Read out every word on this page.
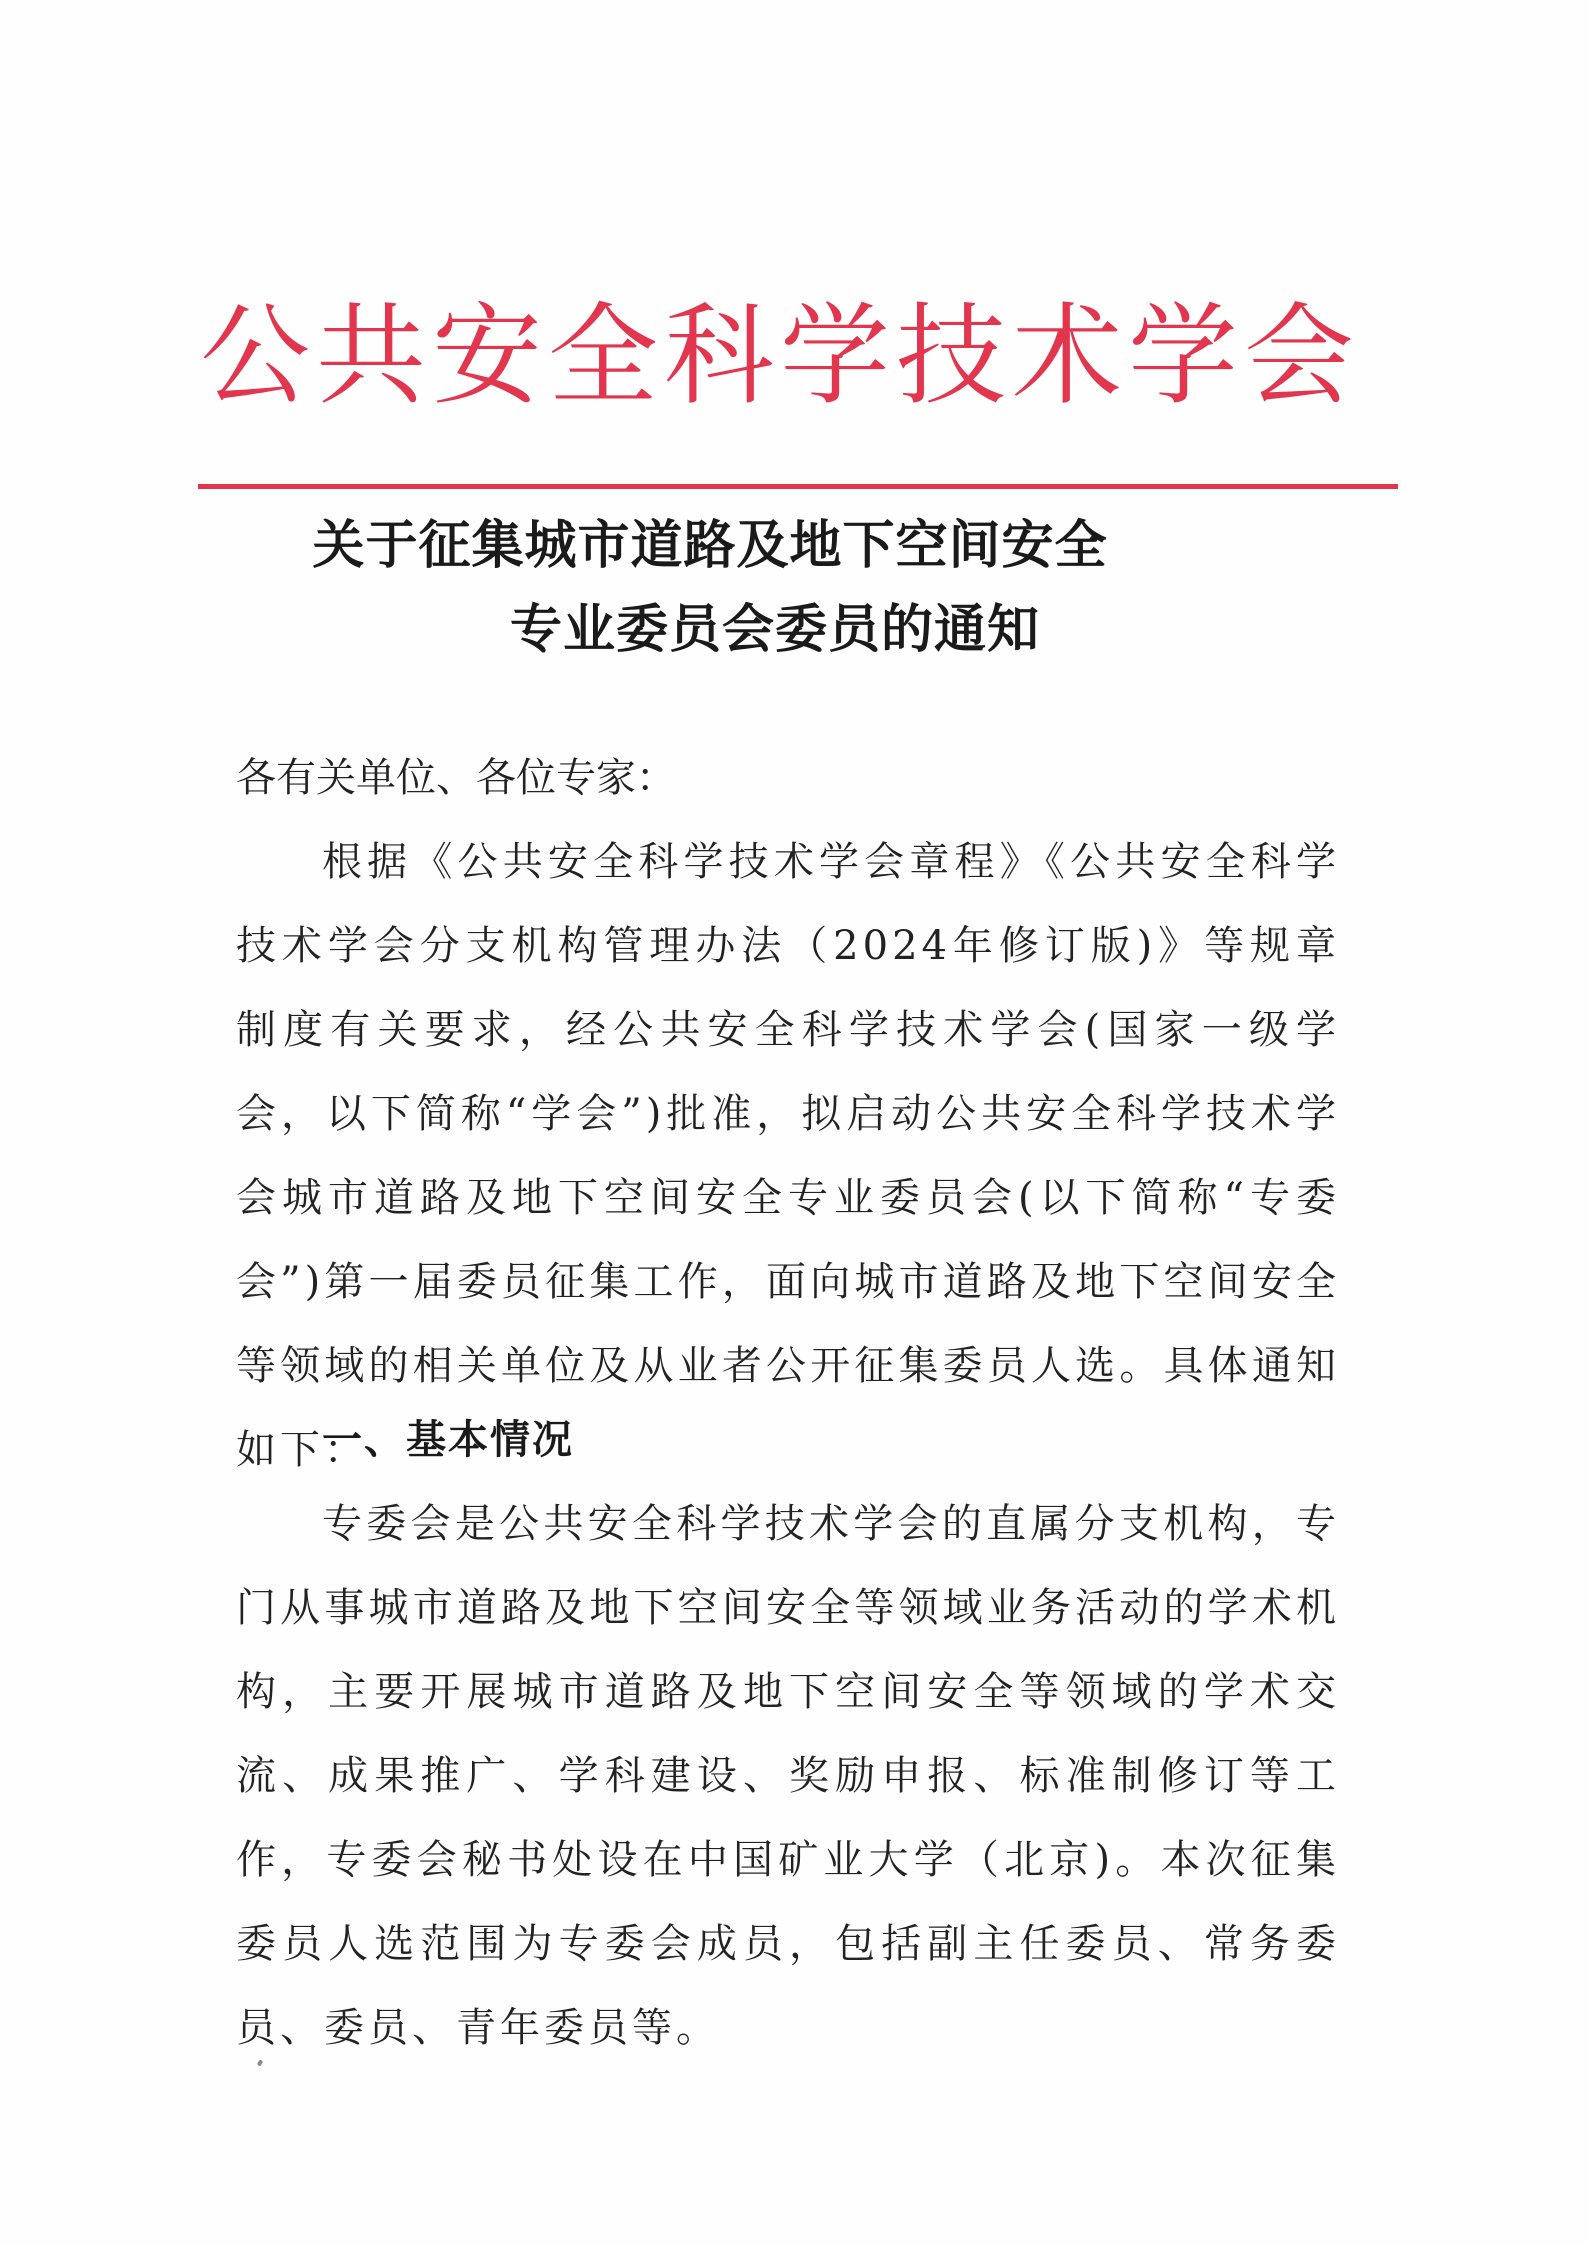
公共安全科学技术学会
关于征集城市道路及地下空间安全
专业委员会委员的通知
各有关单位、各位专家：

根据《公共安全科学技术学会章程》《公共安全科学技术学会分支机构管理办法（2024年修订版)》等规章制度有关要求，经公共安全科学技术学会(国家一级学会，以下简称“学会”)批准，拟启动公共安全科学技术学会城市道路及地下空间安全专业委员会(以下简称“专委会”)第一届委员征集工作，面向城市道路及地下空间安全等领域的相关单位及从业者公开征集委员人选。具体通知如下：

一、基本情况

专委会是公共安全科学技术学会的直属分支机构，专门从事城市道路及地下空间安全等领域业务活动的学术机构，主要开展城市道路及地下空间安全等领域的学术交流、成果推广、学科建设、奖励申报、标准制修订等工作，专委会秘书处设在中国矿业大学（北京)。本次征集委员人选范围为专委会成员，包括副主任委员、常务委员、委员、青年委员等。
